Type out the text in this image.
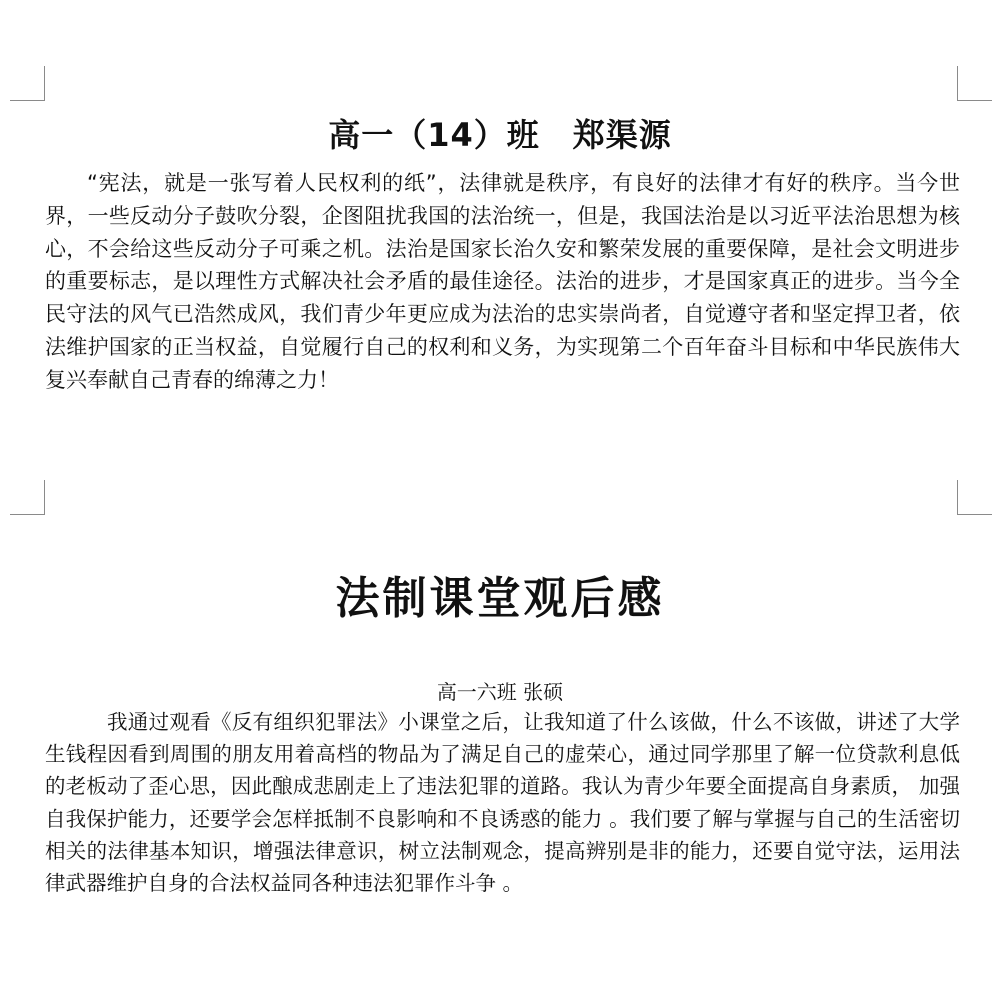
高一（14）班　郑渠源

“宪法，就是一张写着人民权利的纸”，法律就是秩序，有良好的法律才有好的秩序。当今世界，一些反动分子鼓吹分裂，企图阻扰我国的法治统一，但是，我国法治是以习近平法治思想为核心，不会给这些反动分子可乘之机。法治是国家长治久安和繁荣发展的重要保障，是社会文明进步的重要标志，是以理性方式解决社会矛盾的最佳途径。法治的进步，才是国家真正的进步。当今全民守法的风气已浩然成风，我们青少年更应成为法治的忠实崇尚者，自觉遵守者和坚定捍卫者，依法维护国家的正当权益，自觉履行自己的权利和义务，为实现第二个百年奋斗目标和中华民族伟大复兴奉献自己青春的绵薄之力！

法制课堂观后感
高一六班 张硕

我通过观看《反有组织犯罪法》小课堂之后，让我知道了什么该做，什么不该做，讲述了大学生钱程因看到周围的朋友用着高档的物品为了满足自己的虚荣心，通过同学那里了解一位贷款利息低的老板动了歪心思，因此酿成悲剧走上了违法犯罪的道路。我认为青少年要全面提高自身素质， 加强自我保护能力，还要学会怎样抵制不良影响和不良诱惑的能力 。我们要了解与掌握与自己的生活密切相关的法律基本知识，增强法律意识，树立法制观念，提高辨别是非的能力，还要自觉守法，运用法律武器维护自身的合法权益同各种违法犯罪作斗争 。
